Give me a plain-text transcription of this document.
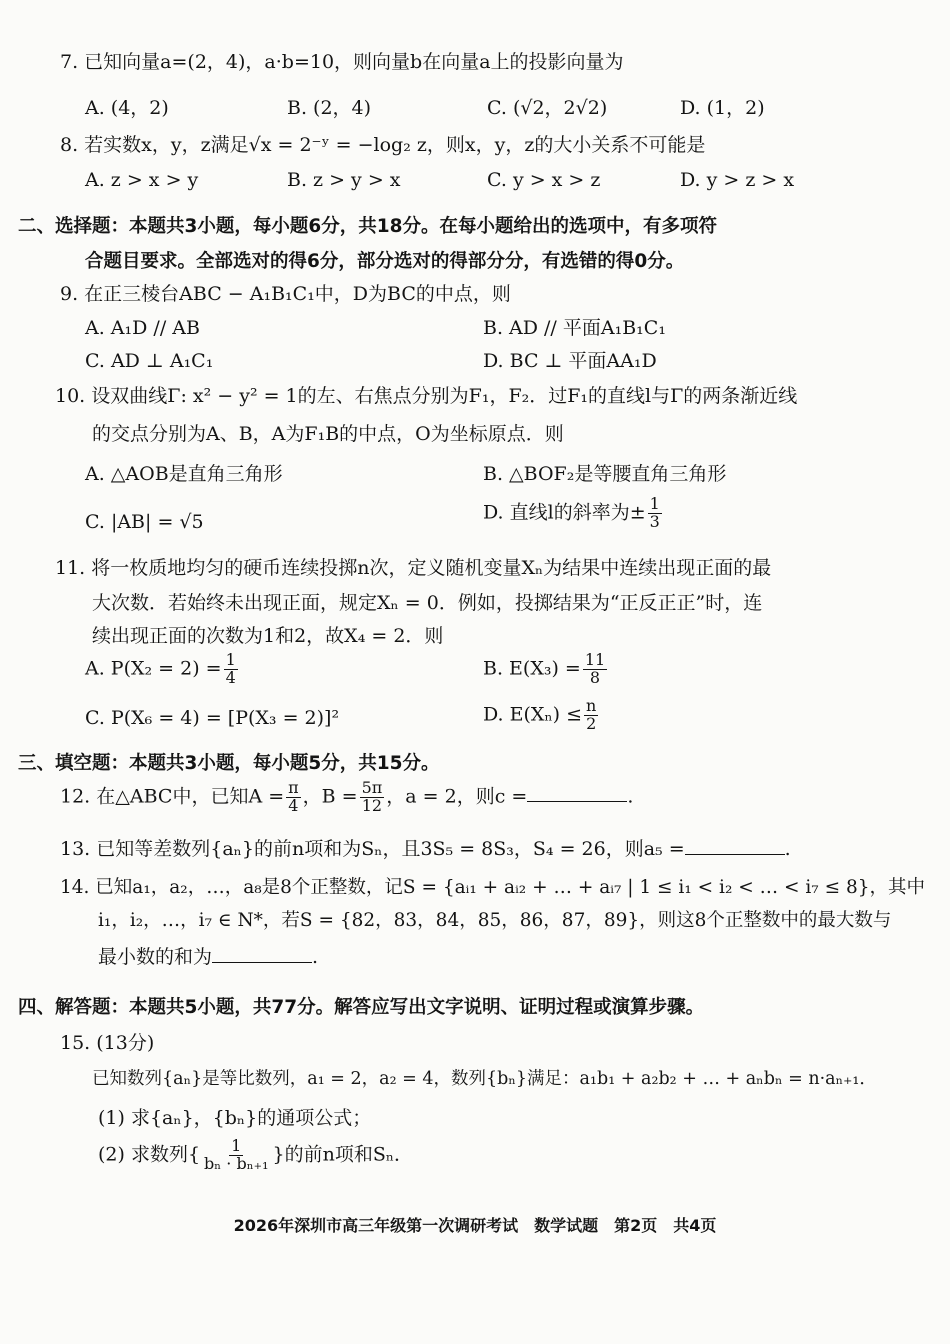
7. 已知向量a=(2，4)，a·b=10，则向量b在向量a上的投影向量为
A. (4，2)	B. (2，4)	C. (√2，2√2)	D. (1，2)
8. 若实数x，y，z满足√x = 2⁻ʸ = −log₂ z，则x，y，z的大小关系不可能是
A. z > x > y	B. z > y > x	C. y > x > z	D. y > z > x
二、选择题：本题共3小题，每小题6分，共18分。在每小题给出的选项中，有多项符
合题目要求。全部选对的得6分，部分选对的得部分分，有选错的得0分。
9. 在正三棱台ABC − A₁B₁C₁中，D为BC的中点，则
A. A₁D // AB	B. AD // 平面A₁B₁C₁
C. AD ⊥ A₁C₁	D. BC ⊥ 平面AA₁D
10. 设双曲线Γ: x² − y² = 1的左、右焦点分别为F₁，F₂．过F₁的直线l与Γ的两条渐近线
的交点分别为A、B，A为F₁B的中点，O为坐标原点．则
A. △AOB是直角三角形	B. △BOF₂是等腰直角三角形
C. |AB| = √5	D. 直线l的斜率为± $\frac{1}{3}$
11. 将一枚质地均匀的硬币连续投掷n次，定义随机变量Xₙ为结果中连续出现正面的最
大次数．若始终未出现正面，规定Xₙ = 0．例如，投掷结果为“正反正正”时，连
续出现正面的次数为1和2，故X₄ = 2．则
A. $P(X_2 = 2) = \frac{1}{4}$	B. $E(X_3) = \frac{11}{8}$
C. P(X₆ = 4) = [P(X₃ = 2)]²	D. $E(X_n) \le \frac{n}{2}$
三、填空题：本题共3小题，每小题5分，共15分。
12. 在△ABC中，已知$A = \frac{\pi}{4}$ ，$B = \frac{5\pi}{12}$ ，a = 2，则c =	.
13. 已知等差数列{aₙ}的前n项和为Sₙ，且3S₅ = 8S₃，S₄ = 26，则a₅ =	.
14. 已知a₁，a₂，…，a₈是8个正整数，记S = {aᵢ₁ + aᵢ₂ + … + aᵢ₇ | 1 ≤ i₁ < i₂ < … < i₇ ≤ 8}，其中
i₁，i₂，…，i₇ ∈ N*，若S = {82，83，84，85，86，87，89}，则这8个正整数中的最大数与
最小数的和为	.
四、解答题：本题共5小题，共77分。解答应写出文字说明、证明过程或演算步骤。
15. (13分)
已知数列{aₙ}是等比数列，a₁ = 2，a₂ = 4，数列{bₙ}满足：a₁b₁ + a₂b₂ + … + aₙbₙ = n·aₙ₊₁．
(1) 求{aₙ}，{bₙ}的通项公式；
(2) 求数列{ $\frac{1}{\text{bₙ · bₙ₊₁}}$ }的前n项和Sₙ．
2026年深圳市高三年级第一次调研考试　数学试题　第2页　共4页
